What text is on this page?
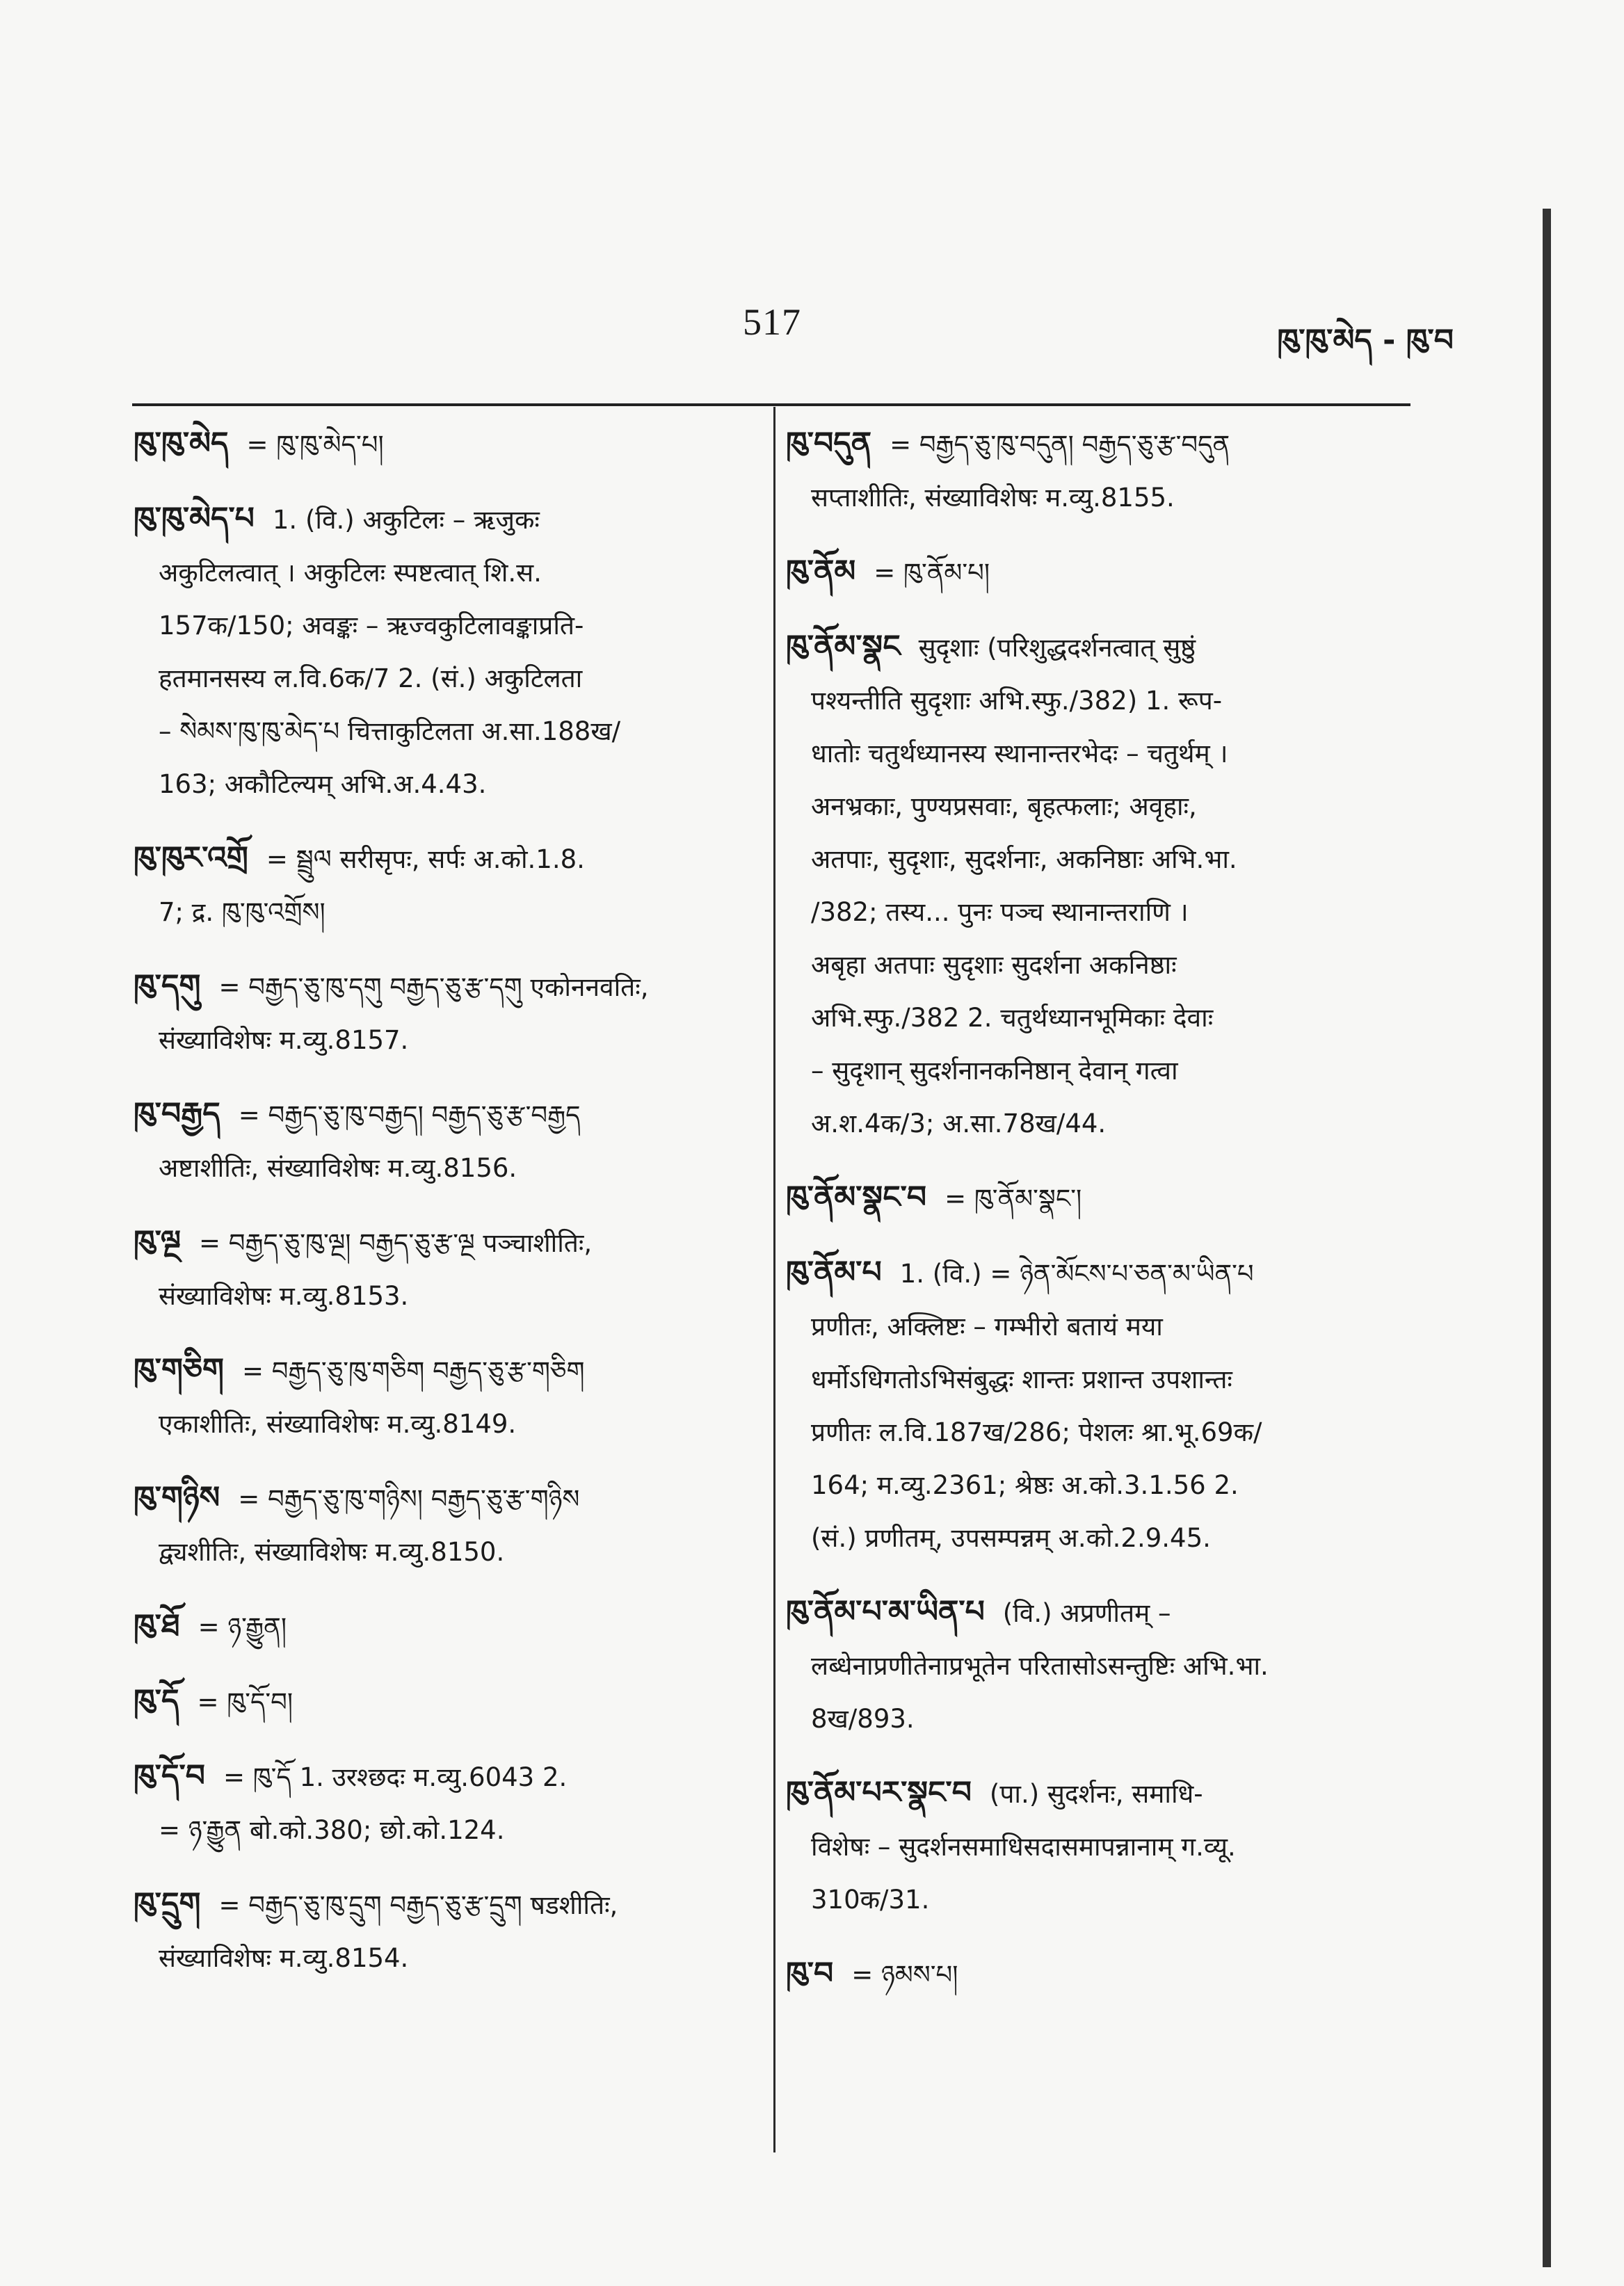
517	ཁུ་ཁུ་མེད - ཁུ་བ
ཁུ་ཁུ་མེད = ཁུ་ཁུ་མེད་པ།
ཁུ་ཁུ་མེད་པ 1. (वि.) अकुटिलः – ऋजुकः
अकुटिलत्वात् । अकुटिलः स्पष्टत्वात् शि.स.
157क/150; अवङ्कः – ऋज्वकुटिलावङ्काप्रति-
हतमानसस्य ल.वि.6क/7 2. (सं.) अकुटिलता
– སེམས་ཁུ་ཁུ་མེད་པ चित्ताकुटिलता अ.सा.188ख/
163; अकौटिल्यम् अभि.अ.4.43.
ཁུ་ཁུར་འགྲོ = སྦྲུལ सरीसृपः, सर्पः अ.को.1.8.
7; द्र. ཁུ་ཁུ་འགྲོས།
ཁུ་དགུ = བརྒྱད་ཅུ་ཁུ་དགུ བརྒྱད་ཅུ་རྩ་དགུ एकोननवतिः,
संख्याविशेषः म.व्यु.8157.
ཁུ་བརྒྱད = བརྒྱད་ཅུ་ཁུ་བརྒྱད། བརྒྱད་ཅུ་རྩ་བརྒྱད
अष्टाशीतिः, संख्याविशेषः म.व्यु.8156.
ཁུ་ལྔ = བརྒྱད་ཅུ་ཁུ་ལྔ། བརྒྱད་ཅུ་རྩ་ལྔ पञ्चाशीतिः,
संख्याविशेषः म.व्यु.8153.
ཁུ་གཅིག = བརྒྱད་ཅུ་ཁུ་གཅིག བརྒྱད་ཅུ་རྩ་གཅིག
एकाशीतिः, संख्याविशेषः म.व्यु.8149.
ཁུ་གཉིས = བརྒྱད་ཅུ་ཁུ་གཉིས། བརྒྱད་ཅུ་རྩ་གཉིས
द्व्यशीतिः, संख्याविशेषः म.व्यु.8150.
ཁུ་ཐོ = ཉ་རྒྱུན།
ཁུ་དོ = ཁུ་དོ་བ།
ཁུ་དོ་བ = ཁུ་དོ 1. उरश्छदः म.व्यु.6043 2.
= ཉ་རྒྱུན बो.को.380; छो.को.124.
ཁུ་དྲུག = བརྒྱད་ཅུ་ཁུ་དྲུག བརྒྱད་ཅུ་རྩ་དྲུག षडशीतिः,
संख्याविशेषः म.व्यु.8154.
ཁུ་བདུན = བརྒྱད་ཅུ་ཁུ་བདུན། བརྒྱད་ཅུ་རྩ་བདུན
सप्ताशीतिः, संख्याविशेषः म.व्यु.8155.
ཁུ་ནོམ = ཁུ་ནོམ་པ།
ཁུ་ནོམ་སྣང सुदृशाः (परिशुद्धदर्शनत्वात् सुष्ठुं
पश्यन्तीति सुदृशाः अभि.स्फु./382) 1. रूप-
धातोः चतुर्थध्यानस्य स्थानान्तरभेदः – चतुर्थम् ।
अनभ्रकाः, पुण्यप्रसवाः, बृहत्फलाः; अवृहाः,
अतपाः, सुदृशाः, सुदर्शनाः, अकनिष्ठाः अभि.भा.
/382; तस्य... पुनः पञ्च स्थानान्तराणि ।
अबृहा अतपाः सुदृशाः सुदर्शना अकनिष्ठाः
अभि.स्फु./382 2. चतुर्थध्यानभूमिकाः देवाः
– सुदृशान् सुदर्शनानकनिष्ठान् देवान् गत्वा
अ.श.4क/3; अ.सा.78ख/44.
ཁུ་ནོམ་སྣང་བ = ཁུ་ནོམ་སྣང་།
ཁུ་ནོམ་པ 1. (वि.) = ཉེན་མོངས་པ་ཅན་མ་ཡིན་པ
प्रणीतः, अक्लिष्टः – गम्भीरो बतायं मया
धर्मोऽधिगतोऽभिसंबुद्धः शान्तः प्रशान्त उपशान्तः
प्रणीतः ल.वि.187ख/286; पेशलः श्रा.भू.69क/
164; म.व्यु.2361; श्रेष्ठः अ.को.3.1.56 2.
(सं.) प्रणीतम्, उपसम्पन्नम् अ.को.2.9.45.
ཁུ་ནོམ་པ་མ་ཡིན་པ (वि.) अप्रणीतम् –
लब्धेनाप्रणीतेनाप्रभूतेन परितासोऽसन्तुष्टिः अभि.भा.
8ख/893.
ཁུ་ནོམ་པར་སྣང་བ (पा.) सुदर्शनः, समाधि-
विशेषः – सुदर्शनसमाधिसदासमापन्नानाम् ग.व्यू.
310क/31.
ཁུ་བ = ཉམས་པ།
